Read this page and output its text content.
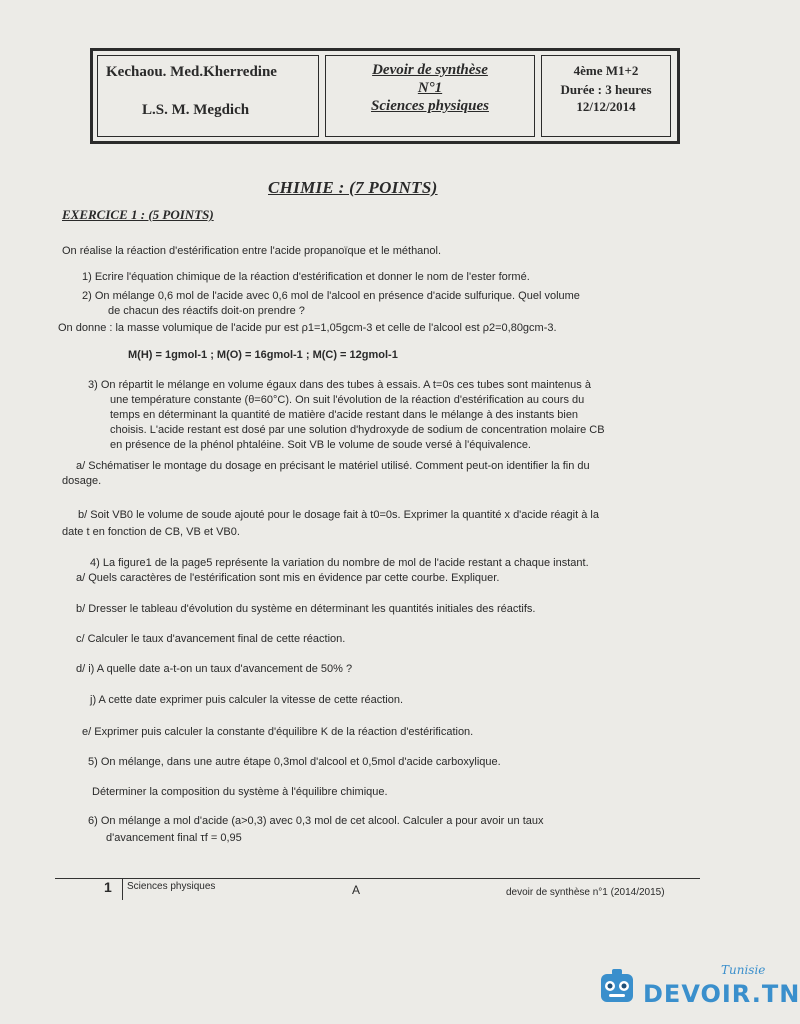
Kechaou. Med.Kherredine
L.S. M. Megdich
Devoir de synthèse
N°1
Sciences physiques
4ème M1+2
Durée : 3 heures
12/12/2014
CHIMIE : (7 POINTS)
EXERCICE 1 : (5 POINTS)
On réalise la réaction d'estérification entre l'acide propanoïque et le méthanol.
1) Ecrire l'équation chimique de la réaction d'estérification et donner le nom de l'ester formé.
2) On mélange 0,6 mol de l'acide avec 0,6 mol de l'alcool en présence d'acide sulfurique. Quel volume
de chacun des réactifs doit-on prendre ?
On donne : la masse volumique de l'acide pur est ρ1=1,05gcm-3 et celle de l'alcool est ρ2=0,80gcm-3.
M(H) = 1gmol-1 ; M(O) = 16gmol-1 ; M(C) = 12gmol-1
3) On répartit le mélange en volume égaux dans des tubes à essais. A t=0s ces tubes sont maintenus à
une température constante (θ=60°C). On suit l'évolution de la réaction d'estérification au cours du
temps en déterminant la quantité de matière d'acide restant dans le mélange à des instants bien
choisis. L'acide restant est dosé par une solution d'hydroxyde de sodium de concentration molaire CB
en présence de la phénol phtaléine. Soit VB le volume de soude versé à l'équivalence.
a/ Schématiser le montage du dosage en précisant le matériel utilisé. Comment peut-on identifier la fin du
dosage.
b/ Soit VB0 le volume de soude ajouté pour le dosage fait à t0=0s. Exprimer la quantité x d'acide réagit à la
date t en fonction de CB, VB et VB0.
4) La figure1 de la page5 représente la variation du nombre de mol de l'acide restant a chaque instant.
a/ Quels caractères de l'estérification sont mis en évidence par cette courbe. Expliquer.
b/ Dresser le tableau d'évolution du système en déterminant les quantités initiales des réactifs.
c/ Calculer le taux d'avancement final de cette réaction.
d/ i) A quelle date a-t-on un taux d'avancement de 50% ?
j) A cette date exprimer puis calculer la vitesse de cette réaction.
e/ Exprimer puis calculer la constante d'équilibre K de la réaction d'estérification.
5) On mélange, dans une autre étape 0,3mol d'alcool et 0,5mol d'acide carboxylique.
Déterminer la composition du système à l'équilibre chimique.
6) On mélange a mol d'acide (a>0,3) avec 0,3 mol de cet alcool. Calculer a pour avoir un taux
d'avancement final τf = 0,95
1 Sciences physiques	A	devoir de synthèse n°1 (2014/2015)
Tunisie
DEVOIR.TN
